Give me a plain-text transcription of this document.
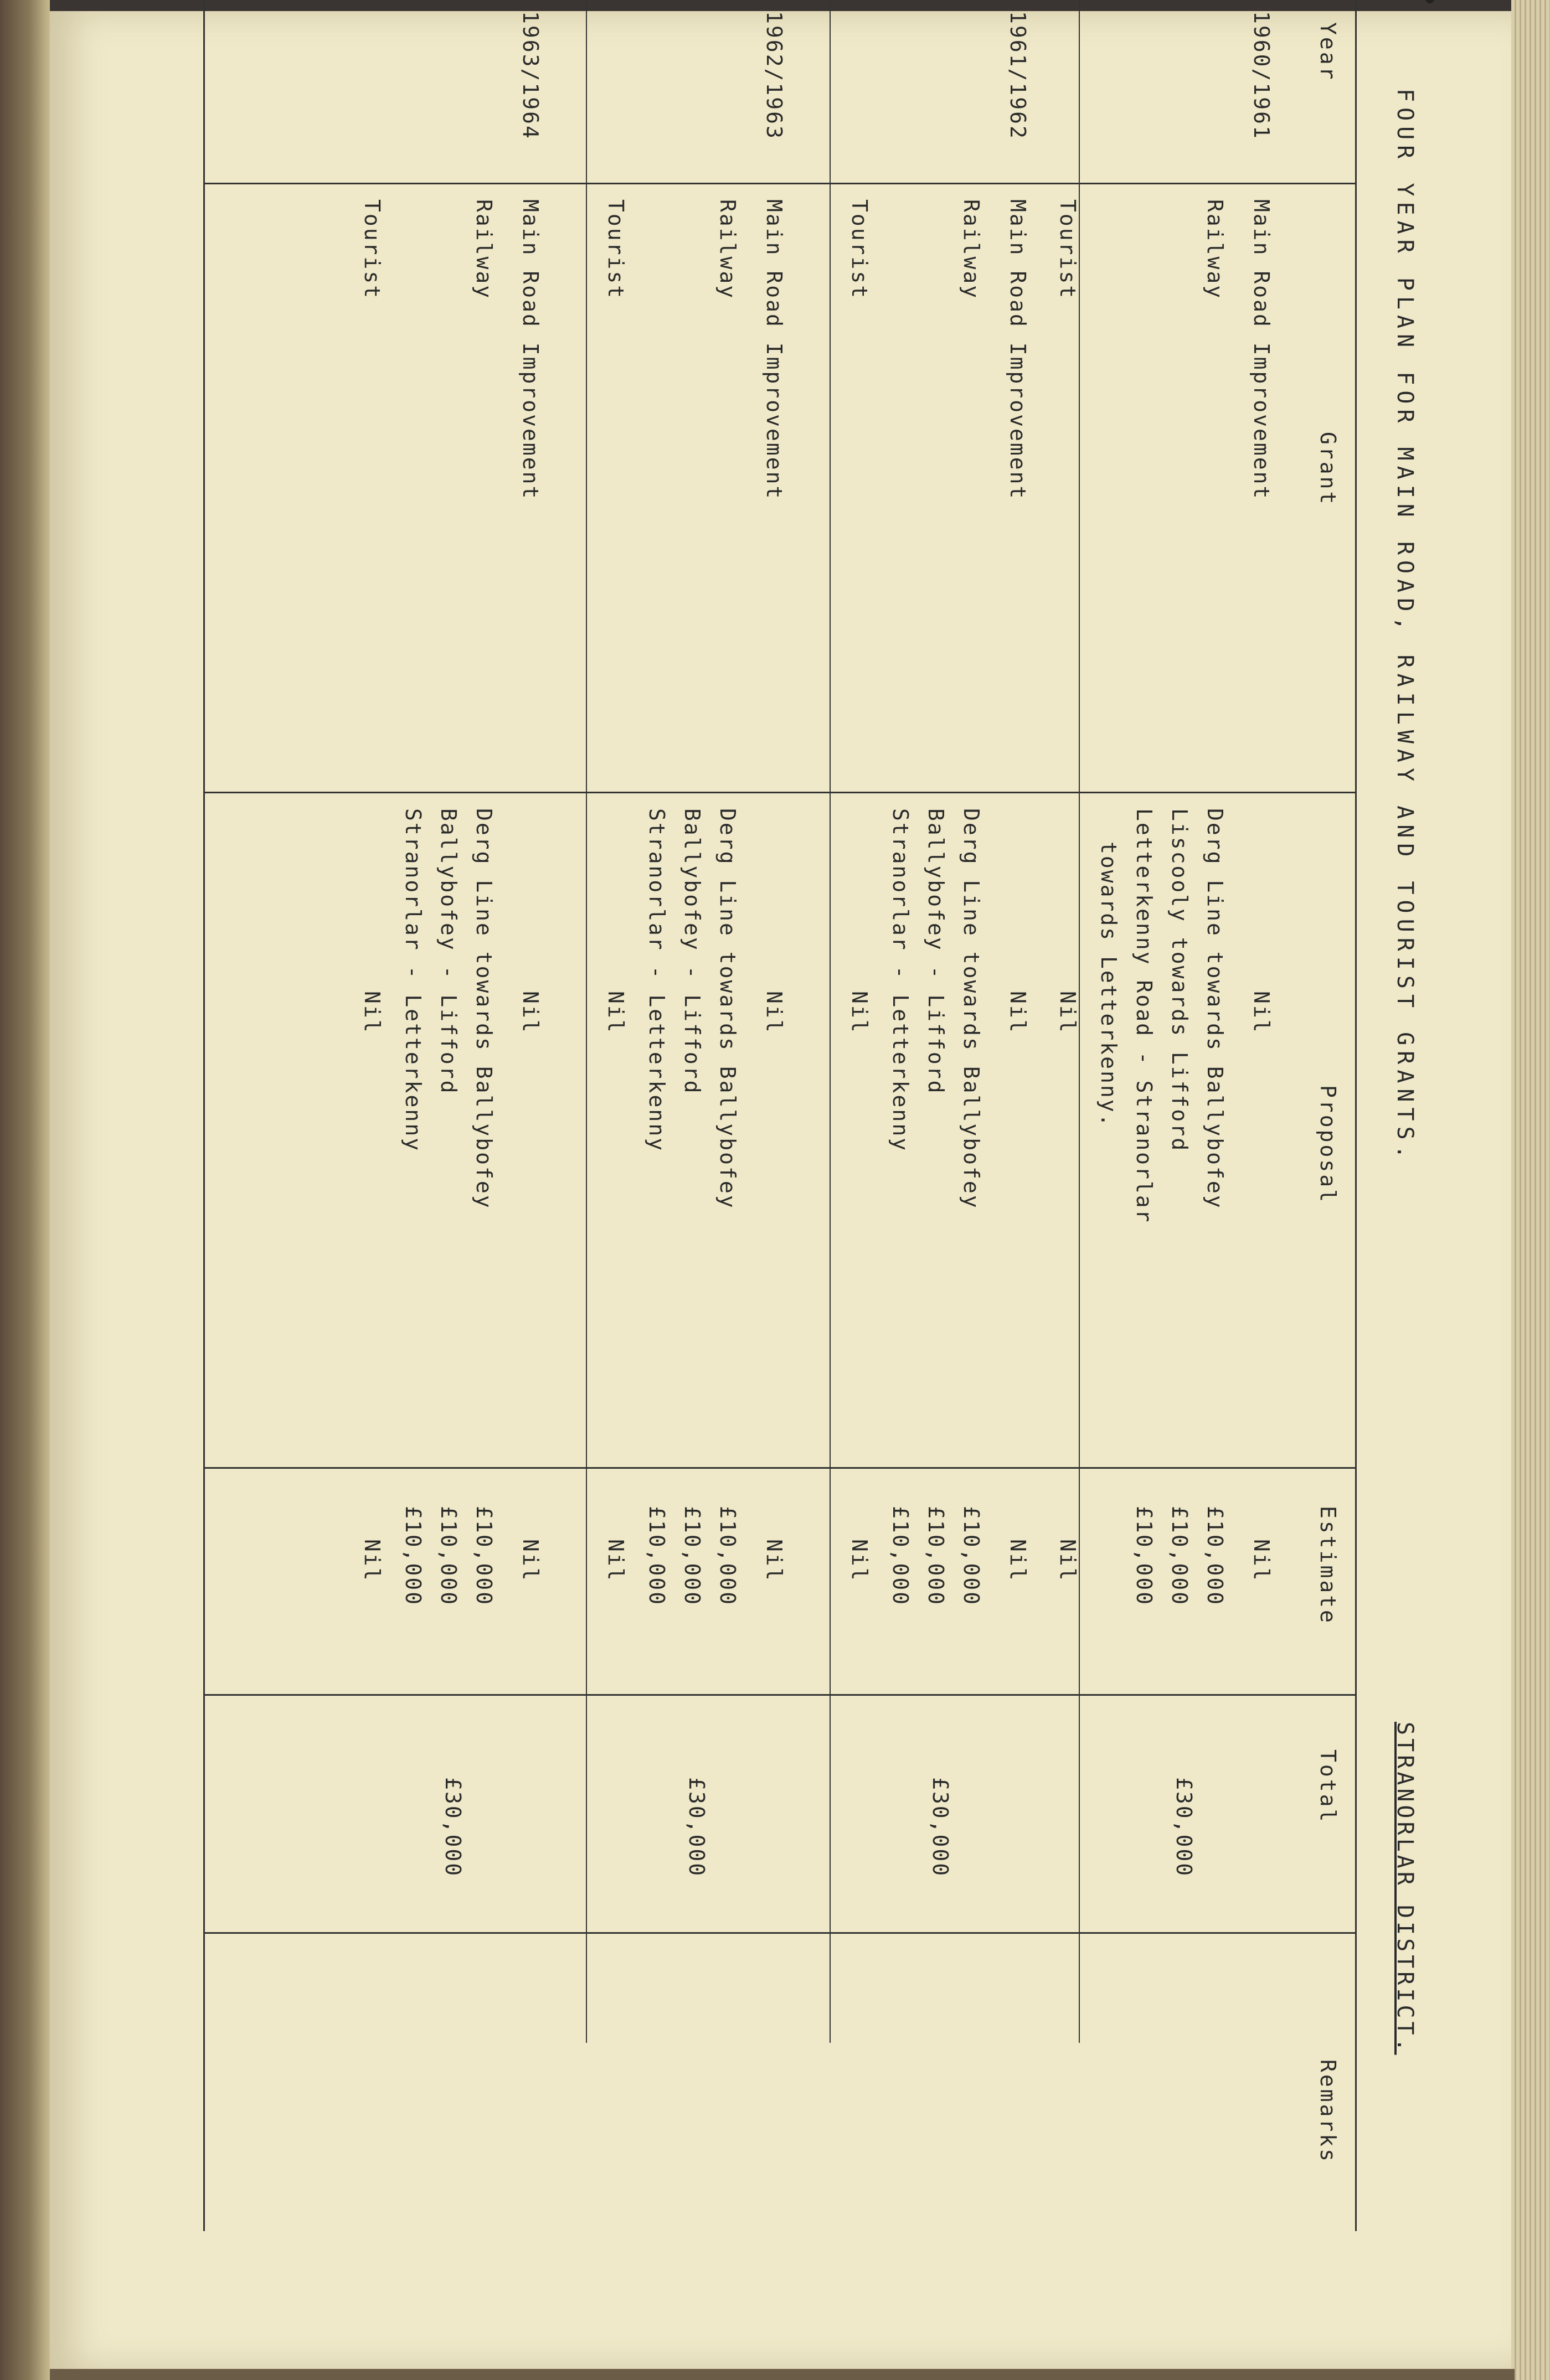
FOUR YEAR PLAN FOR MAIN ROAD, RAILWAY AND TOURIST GRANTS.
STRANORLAR DISTRICT.
Year
Grant
Proposal
Estimate
Total
Remarks
1960/1961
£30,000
Main Road Improvement
Nil
Nil
Railway
Derg Line towards Ballybofey
Liscooly towards Lifford
Letterkenny Road - Stranorlar
towards Letterkenny.
£10,000
£10,000
£10,000
Tourist
Nil
Nil
1961/1962
£30,000
Main Road Improvement
Nil
Nil
Railway
Derg Line towards Ballybofey
Ballybofey - Lifford
Stranorlar - Letterkenny
£10,000
£10,000
£10,000
Tourist
Nil
Nil
1962/1963
£30,000
Main Road Improvement
Nil
Nil
Railway
Derg Line towards Ballybofey
Ballybofey - Lifford
Stranorlar - Letterkenny
£10,000
£10,000
£10,000
Tourist
Nil
Nil
1963/1964
£30,000
Main Road Improvement
Nil
Nil
Railway
Derg Line towards Ballybofey
Ballybofey - Lifford
Stranorlar - Letterkenny
£10,000
£10,000
£10,000
Tourist
Nil
Nil
